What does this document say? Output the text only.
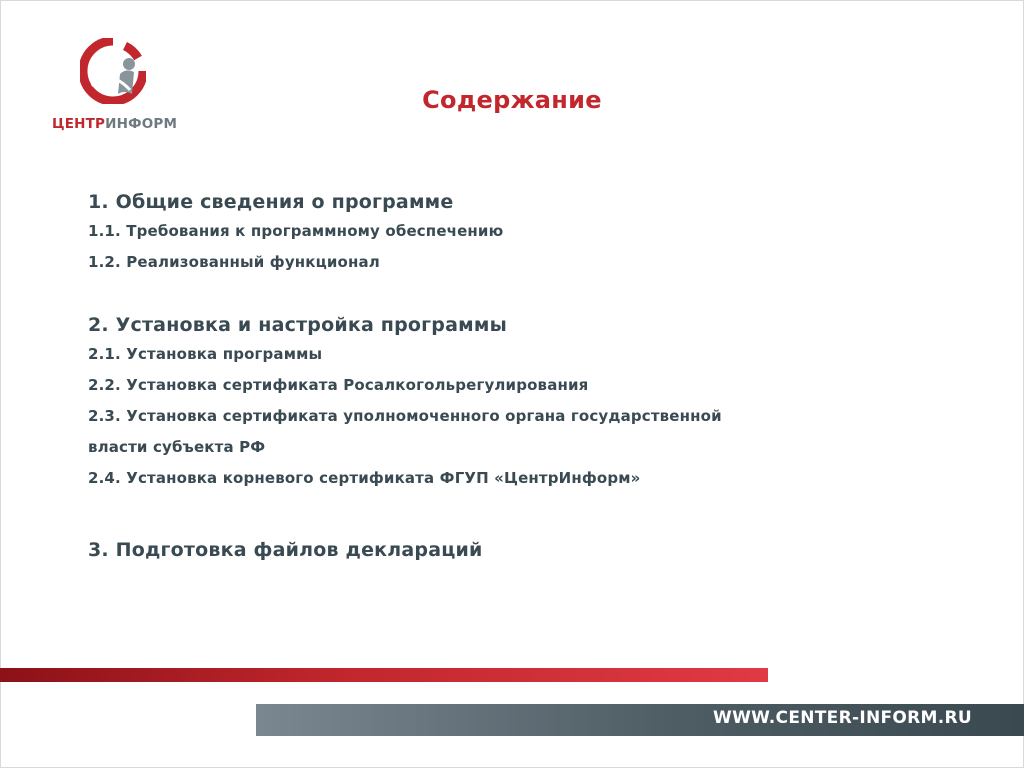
ЦЕНТРИНФОРМ
Содержание

1. Общие сведения о программе

1.1. Требования к программному обеспечению

1.2. Реализованный функционал

2. Установка и настройка программы

2.1. Установка программы

2.2. Установка сертификата Росалкогольрегулирования

2.3. Установка сертификата уполномоченного органа государственной

власти субъекта РФ

2.4. Установка корневого сертификата ФГУП «ЦентрИнформ»

3. Подготовка файлов деклараций

WWW.CENTER-INFORM.RU
